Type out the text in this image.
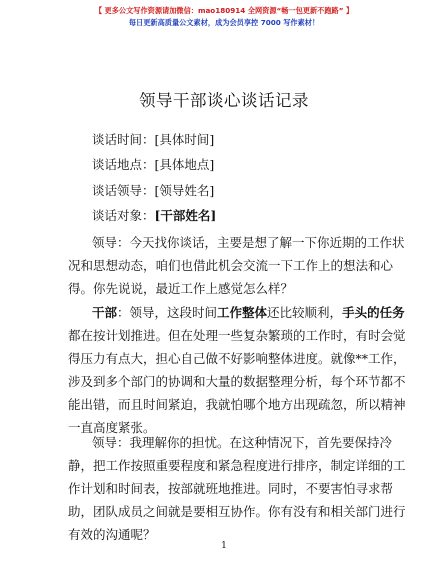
【 更多公文写作资源请加微信：mao180914 全网资源“畅一包更新不跑路” 】
每日更新高质量公文素材，成为会员享控 7000 写作素材！
领导干部谈心谈话记录
谈话时间：[具体时间]
谈话地点：[具体地点]
谈话领导：[领导姓名]
谈话对象：[干部姓名]
领导：今天找你谈话，主要是想了解一下你近期的工作状
况和思想动态，咱们也借此机会交流一下工作上的想法和心
得。你先说说，最近工作上感觉怎么样？
干部：领导，这段时间工作整体还比较顺利，手头的任务
都在按计划推进。但在处理一些复杂繁琐的工作时，有时会觉
得压力有点大，担心自己做不好影响整体进度。就像**工作，
涉及到多个部门的协调和大量的数据整理分析，每个环节都不
能出错，而且时间紧迫，我就怕哪个地方出现疏忽，所以精神
一直高度紧张。
领导：我理解你的担忧。在这种情况下，首先要保持冷
静，把工作按照重要程度和紧急程度进行排序，制定详细的工
作计划和时间表，按部就班地推进。同时，不要害怕寻求帮
助，团队成员之间就是要相互协作。你有没有和相关部门进行
有效的沟通呢？
1
